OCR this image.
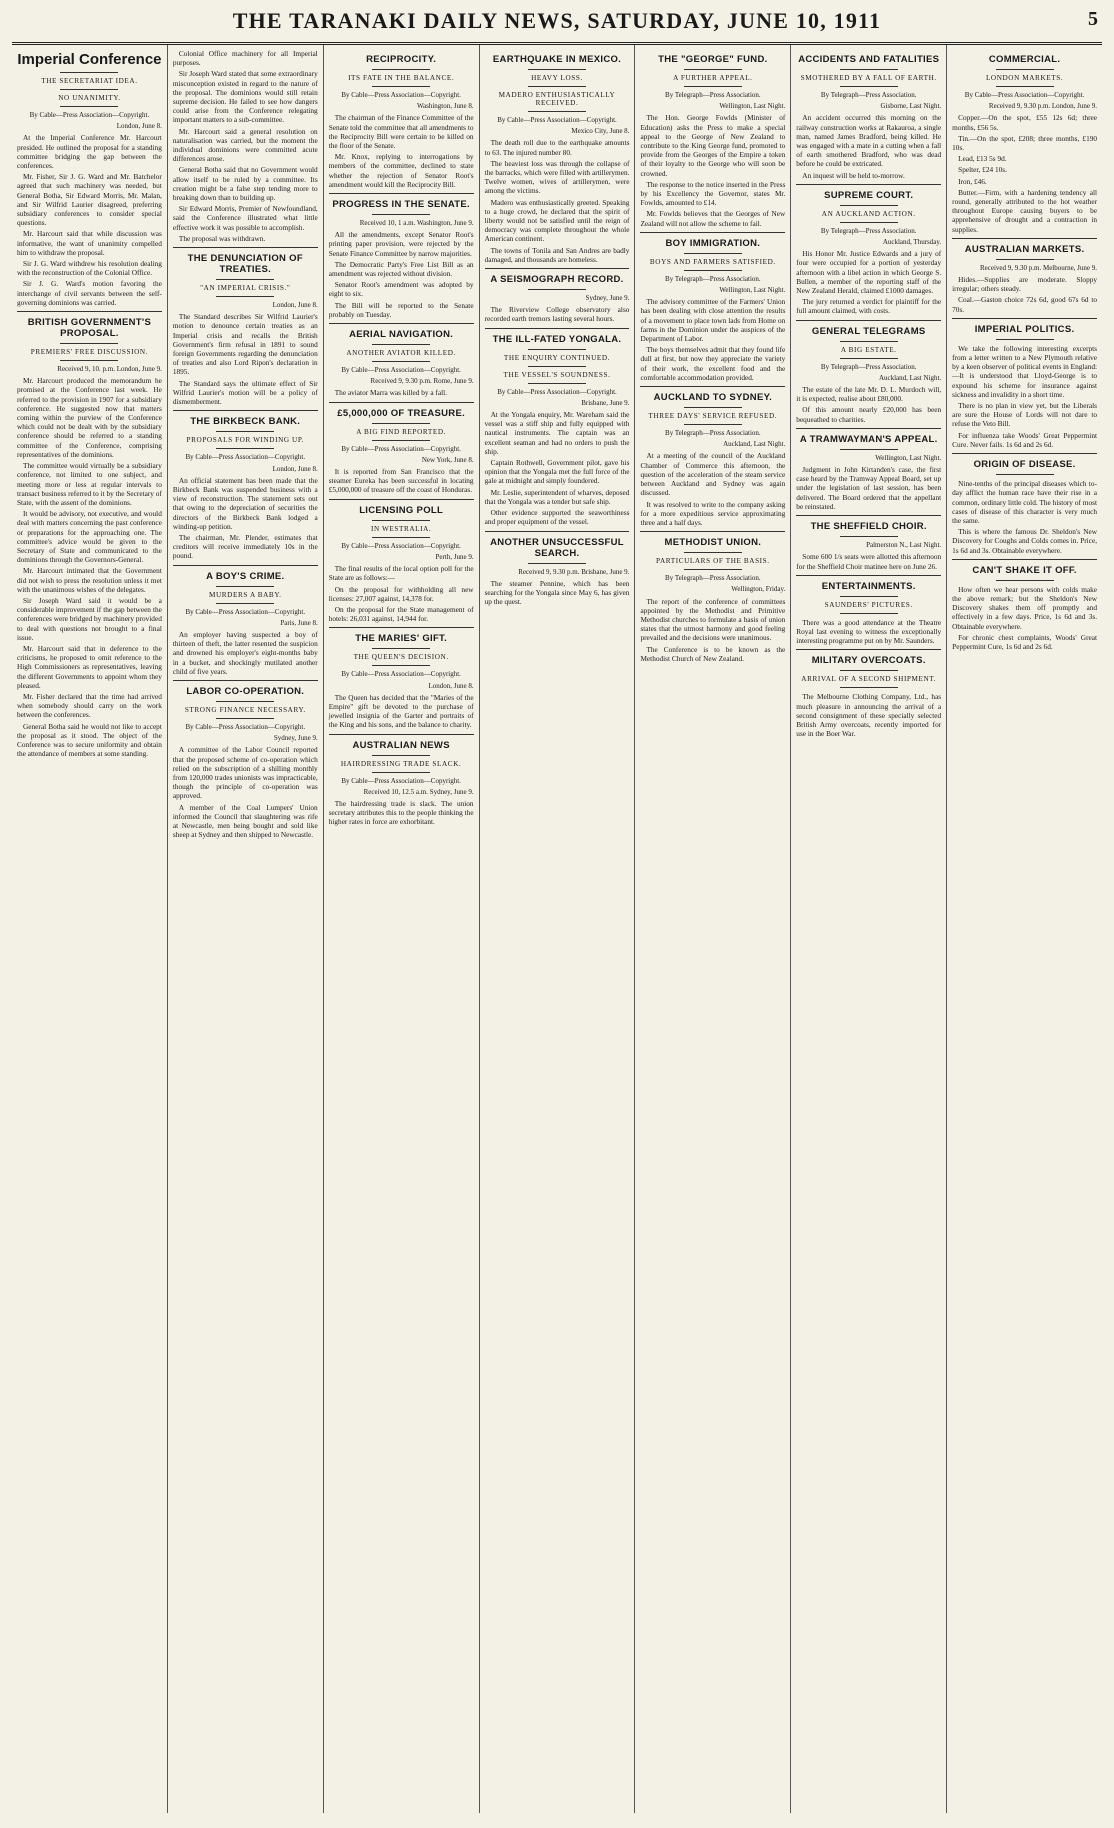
THE TARANAKI DAILY NEWS, SATURDAY, JUNE 10, 1911	5
Imperial Conference
THE SECRETARIAT IDEA.
NO UNANIMITY.

By Cable—Press Association—Copyright.

London, June 8.

At the Imperial Conference Mr. Harcourt presided. He outlined the proposal for a standing committee bridging the gap between the conferences.

Mr. Fisher, Sir J. G. Ward and Mr. Batchelor agreed that such machinery was needed, but General Botha, Sir Edward Morris, Mr. Malan, and Sir Wilfrid Laurier disagreed, preferring subsidiary conferences to consider special questions.

Mr. Harcourt said that while discussion was informative, the want of unanimity compelled him to withdraw the proposal.

Sir J. G. Ward withdrew his resolution dealing with the reconstruction of the Colonial Office.

Sir J. G. Ward's motion favoring the interchange of civil servants between the self-governing dominions was carried.

BRITISH GOVERNMENT'S PROPOSAL.
PREMIERS' FREE DISCUSSION.

Received 9, 10. p.m. London, June 9.

Mr. Harcourt produced the memorandum he promised at the Conference last week. He referred to the provision in 1907 for a subsidiary conference. He suggested now that matters coming within the purview of the Conference which could not be dealt with by the subsidiary conference should be referred to a standing committee of the Conference, comprising representatives of the dominions.

The committee would virtually be a subsidiary conference, not limited to one subject, and meeting more or less at regular intervals to transact business referred to it by the Secretary of State, with the assent of the dominions.

It would be advisory, not executive, and would deal with matters concerning the past conference or preparations for the approaching one. The committee's advice would be given to the Secretary of State and communicated to the dominions through the Governors-General.

Mr. Harcourt intimated that the Government did not wish to press the resolution unless it met with the unanimous wishes of the delegates.

Sir Joseph Ward said it would be a considerable improvement if the gap between the conferences were bridged by machinery provided to deal with questions not brought to a final issue.

Mr. Harcourt said that in deference to the criticisms, he proposed to omit reference to the High Commissioners as representatives, leaving the different Governments to appoint whom they pleased.

Mr. Fisher declared that the time had arrived when somebody should carry on the work between the conferences.

General Botha said he would not like to accept the proposal as it stood. The object of the Conference was to secure uniformity and obtain the attendance of members at some standing.

Colonial Office machinery for all Imperial purposes.

Sir Joseph Ward stated that some extraordinary misconception existed in regard to the nature of the proposal. The dominions would still retain supreme decision. He failed to see how dangers could arise from the Conference relegating important matters to a sub-committee.

Mr. Harcourt said a general resolution on naturalisation was carried, but the moment the individual dominions were committed acute differences arose.

General Botha said that no Government would allow itself to be ruled by a committee. Its creation might be a false step tending more to breaking down than to building up.

Sir Edward Morris, Premier of Newfoundland, said the Conference illustrated what little effective work it was possible to accomplish.

The proposal was withdrawn.

THE DENUNCIATION OF TREATIES.
"AN IMPERIAL CRISIS."

London, June 8.

The Standard describes Sir Wilfrid Laurier's motion to denounce certain treaties as an Imperial crisis and recalls the British Government's firm refusal in 1891 to sound foreign Governments regarding the denunciation of treaties and also Lord Ripon's declaration in 1895.

The Standard says the ultimate effect of Sir Wilfrid Laurier's motion will be a policy of dismemberment.

THE BIRKBECK BANK.
PROPOSALS FOR WINDING UP.

By Cable—Press Association—Copyright.

London, June 8.

An official statement has been made that the Birkbeck Bank was suspended business with a view of reconstruction. The statement sets out that owing to the depreciation of securities the directors of the Birkbeck Bank lodged a winding-up petition.

The chairman, Mr. Plender, estimates that creditors will receive immediately 10s in the pound.

A BOY'S CRIME.
MURDERS A BABY.

By Cable—Press Association—Copyright.

Paris, June 8.

An employer having suspected a boy of thirteen of theft, the latter resented the suspicion and drowned his employer's eight-months baby in a bucket, and shockingly mutilated another child of five years.

LABOR CO-OPERATION.
STRONG FINANCE NECESSARY.

By Cable—Press Association—Copyright.

Sydney, June 9.

A committee of the Labor Council reported that the proposed scheme of co-operation which relied on the subscription of a shilling monthly from 120,000 trades unionists was impracticable, though the principle of co-operation was approved.

A member of the Coal Lumpers' Union informed the Council that slaughtering was rife at Newcastle, men being bought and sold like sheep at Sydney and then shipped to Newcastle.

RECIPROCITY.
ITS FATE IN THE BALANCE.

By Cable—Press Association—Copyright.

Washington, June 8.

The chairman of the Finance Committee of the Senate told the committee that all amendments to the Reciprocity Bill were certain to be killed on the floor of the Senate.

Mr. Knox, replying to interrogations by members of the committee, declined to state whether the rejection of Senator Root's amendment would kill the Reciprocity Bill.

PROGRESS IN THE SENATE.

Received 10, 1 a.m. Washington, June 9.

All the amendments, except Senator Root's printing paper provision, were rejected by the Senate Finance Committee by narrow majorities.

The Democratic Party's Free List Bill as an amendment was rejected without division.

Senator Root's amendment was adopted by eight to six.

The Bill will be reported to the Senate probably on Tuesday.

AERIAL NAVIGATION.
ANOTHER AVIATOR KILLED.

By Cable—Press Association—Copyright.

Received 9, 9.30 p.m. Rome, June 9.

The aviator Marra was killed by a fall.

£5,000,000 OF TREASURE.
A BIG FIND REPORTED.

By Cable—Press Association—Copyright.

New York, June 8.

It is reported from San Francisco that the steamer Eureka has been successful in locating £5,000,000 of treasure off the coast of Honduras.

LICENSING POLL
IN WESTRALIA.

By Cable—Press Association—Copyright.

Perth, June 9.

The final results of the local option poll for the State are as follows:—

On the proposal for withholding all new licenses: 27,007 against, 14,378 for.

On the proposal for the State management of hotels: 26,031 against, 14,944 for.

THE MARIES' GIFT.
THE QUEEN'S DECISION.

By Cable—Press Association—Copyright.

London, June 8.

The Queen has decided that the "Maries of the Empire" gift be devoted to the purchase of jewelled insignia of the Garter and portraits of the King and his sons, and the balance to charity.

AUSTRALIAN NEWS
HAIRDRESSING TRADE SLACK.

By Cable—Press Association—Copyright.

Received 10, 12.5 a.m. Sydney, June 9.

The hairdressing trade is slack. The union secretary attributes this to the people thinking the higher rates in force are exhorbitant.

EARTHQUAKE IN MEXICO.
HEAVY LOSS.
MADERO ENTHUSIASTICALLY RECEIVED.

By Cable—Press Association—Copyright.

Mexico City, June 8.

The death roll due to the earthquake amounts to 63. The injured number 80.

The heaviest loss was through the collapse of the barracks, which were filled with artillerymen. Twelve women, wives of artillerymen, were among the victims.

Madero was enthusiastically greeted. Speaking to a huge crowd, he declared that the spirit of liberty would not be satisfied until the reign of democracy was complete throughout the whole American continent.

The towns of Tonila and San Andres are badly damaged, and thousands are homeless.

A SEISMOGRAPH RECORD.

Sydney, June 9.

The Riverview College observatory also recorded earth tremors lasting several hours.

THE ILL-FATED YONGALA.
THE ENQUIRY CONTINUED.
THE VESSEL'S SOUNDNESS.

By Cable—Press Association—Copyright.

Brisbane, June 9.

At the Yongala enquiry, Mr. Wareham said the vessel was a stiff ship and fully equipped with nautical instruments. The captain was an excellent seaman and had no orders to push the ship.

Captain Rothwell, Government pilot, gave his opinion that the Yongala met the full force of the gale at midnight and simply foundered.

Mr. Leslie, superintendent of wharves, deposed that the Yongala was a tender but safe ship.

Other evidence supported the seaworthiness and proper equipment of the vessel.

ANOTHER UNSUCCESSFUL SEARCH.

Received 9, 9.30 p.m. Brisbane, June 9.

The steamer Pennine, which has been searching for the Yongala since May 6, has given up the quest.

THE "GEORGE" FUND.
A FURTHER APPEAL.

By Telegraph—Press Association.

Wellington, Last Night.

The Hon. George Fowlds (Minister of Education) asks the Press to make a special appeal to the George of New Zealand to contribute to the King George fund, promoted to provide from the Georges of the Empire a token of their loyalty to the George who will soon be crowned.

The response to the notice inserted in the Press by his Excellency the Governor, states Mr. Fowlds, amounted to £14.

Mr. Fowlds believes that the Georges of New Zealand will not allow the scheme to fail.

BOY IMMIGRATION.
BOYS AND FARMERS SATISFIED.

By Telegraph—Press Association.

Wellington, Last Night.

The advisory committee of the Farmers' Union has been dealing with close attention the results of a movement to place town lads from Home on farms in the Dominion under the auspices of the Department of Labor.

The boys themselves admit that they found life dull at first, but now they appreciate the variety of their work, the excellent food and the comfortable accommodation provided.

AUCKLAND TO SYDNEY.
THREE DAYS' SERVICE REFUSED.

By Telegraph—Press Association.

Auckland, Last Night.

At a meeting of the council of the Auckland Chamber of Commerce this afternoon, the question of the acceleration of the steam service between Auckland and Sydney was again discussed.

It was resolved to write to the company asking for a more expeditious service approximating three and a half days.

METHODIST UNION.
PARTICULARS OF THE BASIS.

By Telegraph—Press Association.

Wellington, Friday.

The report of the conference of committees appointed by the Methodist and Primitive Methodist churches to formulate a basis of union states that the utmost harmony and good feeling prevailed and the decisions were unanimous.

The Conference is to be known as the Methodist Church of New Zealand.

ACCIDENTS AND FATALITIES
SMOTHERED BY A FALL OF EARTH.

By Telegraph—Press Association.

Gisborne, Last Night.

An accident occurred this morning on the railway construction works at Rakauroa, a single man, named James Bradford, being killed. He was engaged with a mate in a cutting when a fall of earth smothered Bradford, who was dead before he could be extricated.

An inquest will be held to-morrow.

SUPREME COURT.
AN AUCKLAND ACTION.

By Telegraph—Press Association.

Auckland, Thursday.

His Honor Mr. Justice Edwards and a jury of four were occupied for a portion of yesterday afternoon with a libel action in which George S. Bullen, a member of the reporting staff of the New Zealand Herald, claimed £1000 damages.

The jury returned a verdict for plaintiff for the full amount claimed, with costs.

GENERAL TELEGRAMS
A BIG ESTATE.

By Telegraph—Press Association.

Auckland, Last Night.

The estate of the late Mr. D. L. Murdoch will, it is expected, realise about £80,000.

Of this amount nearly £20,000 has been bequeathed to charities.

A TRAMWAYMAN'S APPEAL.

Wellington, Last Night.

Judgment in John Kirtanden's case, the first case heard by the Tramway Appeal Board, set up under the legislation of last session, has been delivered. The Board ordered that the appellant be reinstated.

THE SHEFFIELD CHOIR.

Palmerston N., Last Night.

Some 600 1/s seats were allotted this afternoon for the Sheffield Choir matinee here on June 26.

ENTERTAINMENTS.
SAUNDERS' PICTURES.

There was a good attendance at the Theatre Royal last evening to witness the exceptionally interesting programme put on by Mr. Saunders.

MILITARY OVERCOATS.
ARRIVAL OF A SECOND SHIPMENT.

The Melbourne Clothing Company, Ltd., has much pleasure in announcing the arrival of a second consignment of these specially selected British Army overcoats, recently imported for use in the Boer War.

COMMERCIAL.
LONDON MARKETS.

By Cable—Press Association—Copyright.

Received 9, 9.30 p.m. London, June 9.

Copper.—On the spot, £55 12s 6d; three months, £56 5s.

Tin.—On the spot, £208; three months, £190 10s.

Lead, £13 5s 9d.

Spelter, £24 10s.

Iron, £46.

Butter.—Firm, with a hardening tendency all round, generally attributed to the hot weather throughout Europe causing buyers to be apprehensive of drought and a contraction in supplies.

AUSTRALIAN MARKETS.

Received 9, 9.30 p.m. Melbourne, June 9.

Hides.—Supplies are moderate. Sloppy irregular; others steady.

Coal.—Gaston choice 72s 6d, good 67s 6d to 70s.

IMPERIAL POLITICS.

We take the following interesting excerpts from a letter written to a New Plymouth relative by a keen observer of political events in England:—It is understood that Lloyd-George is to expound his scheme for insurance against sickness and invalidity in a short time.

There is no plan in view yet, but the Liberals are sure the House of Lords will not dare to refuse the Veto Bill.

For influenza take Woods' Great Peppermint Cure. Never fails. 1s 6d and 2s 6d.

ORIGIN OF DISEASE.

Nine-tenths of the principal diseases which to-day afflict the human race have their rise in a common, ordinary little cold. The history of most cases of disease of this character is very much the same.

This is where the famous Dr. Sheldon's New Discovery for Coughs and Colds comes in. Price, 1s 6d and 3s. Obtainable everywhere.

CAN'T SHAKE IT OFF.

How often we hear persons with colds make the above remark; but the Sheldon's New Discovery shakes them off promptly and effectively in a few days. Price, 1s 6d and 3s. Obtainable everywhere.

For chronic chest complaints, Woods' Great Peppermint Cure, 1s 6d and 2s 6d.
